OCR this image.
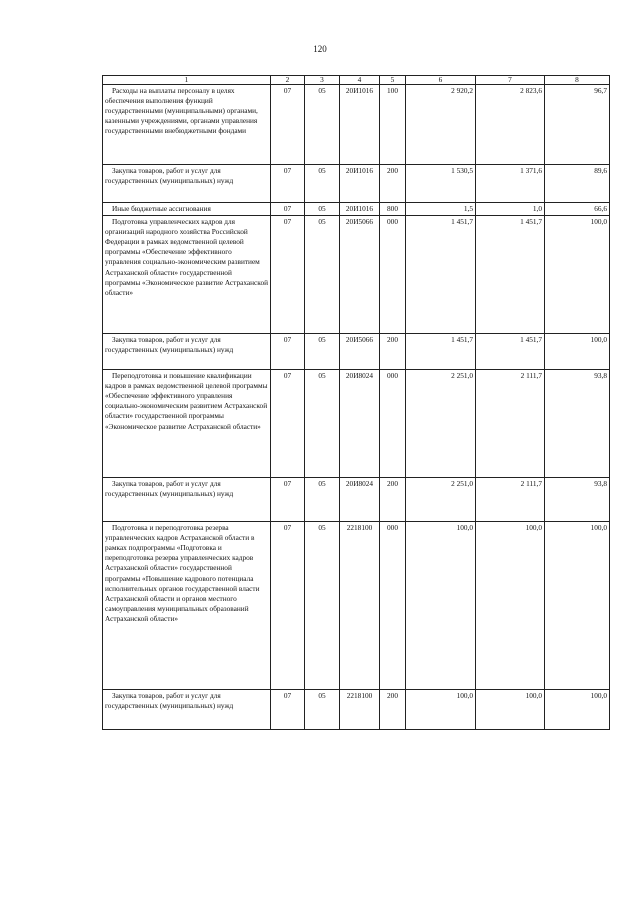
120
1	2	3	4	5	6	7	8

Расходы на выплаты персоналу в целях обеспечения выполнения функций государственными (муниципальными) органами, казенными учреждениями, органами управления государственными внебюджетными фондами	07	05	20И1016	100	2 920,2	2 823,6	96,7

Закупка товаров, работ и услуг для государственных (муниципальных) нужд	07	05	20И1016	200	1 530,5	1 371,6	89,6

Иные бюджетные ассигнования	07	05	20И1016	800	1,5	1,0	66,6

Подготовка управленческих кадров для организаций народного хозяйства Российской Федерации в рамках ведомственной целевой программы «Обеспечение эффективного управления социально-экономическим развитием Астраханской области» государственной программы «Экономическое развитие Астраханской области»	07	05	20И5066	000	1 451,7	1 451,7	100,0

Закупка товаров, работ и услуг для государственных (муниципальных) нужд	07	05	20И5066	200	1 451,7	1 451,7	100,0

Переподготовка и повышение квалификации кадров в рамках ведомственной целевой программы «Обеспечение эффективного управления социально-экономическим развитием Астраханской области» государственной программы «Экономическое развитие Астраханской области»	07	05	20И8024	000	2 251,0	2 111,7	93,8

Закупка товаров, работ и услуг для государственных (муниципальных) нужд	07	05	20И8024	200	2 251,0	2 111,7	93,8

Подготовка и переподготовка резерва управленческих кадров Астраханской области в рамках подпрограммы «Подготовка и переподготовка резерва управленческих кадров Астраханской области» государственной программы «Повышение кадрового потенциала исполнительных органов государственной власти Астраханской области и органов местного самоуправления муниципальных образований Астраханской области»	07	05	2218100	000	100,0	100,0	100,0

Закупка товаров, работ и услуг для государственных (муниципальных) нужд	07	05	2218100	200	100,0	100,0	100,0
